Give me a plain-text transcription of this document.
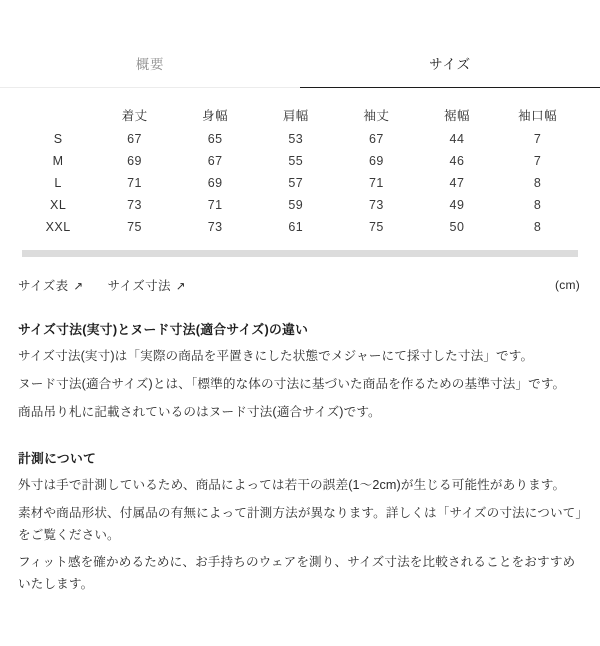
概要	サイズ
	着丈	身幅	肩幅	袖丈	裾幅	袖口幅
S	67	65	53	67	44	7
M	69	67	55	69	46	7
L	71	69	57	71	47	8
XL	73	71	59	73	49	8
XXL	75	73	61	75	50	8
サイズ表 ↗ サイズ寸法 ↗	(cm)
サイズ寸法(実寸)とヌード寸法(適合サイズ)の違い

サイズ寸法(実寸)は「実際の商品を平置きにした状態でメジャーにて採寸した寸法」です。

ヌード寸法(適合サイズ)とは、「標準的な体の寸法に基づいた商品を作るための基準寸法」です。

商品吊り札に記載されているのはヌード寸法(適合サイズ)です。

計測について

外寸は手で計測しているため、商品によっては若干の誤差(1〜2cm)が生じる可能性があります。

素材や商品形状、付属品の有無によって計測方法が異なります。詳しくは「サイズの寸法について」をご覧ください。

フィット感を確かめるために、お手持ちのウェアを測り、サイズ寸法を比較されることをおすすめいたします。
